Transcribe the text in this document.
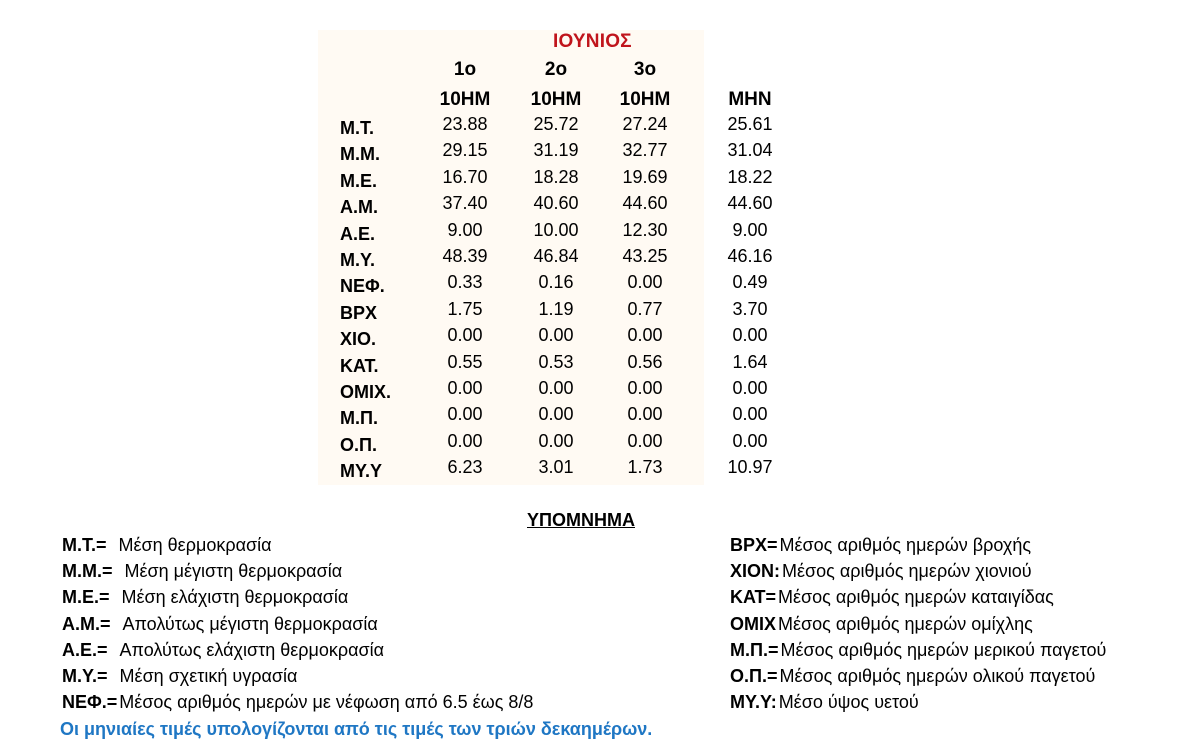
ΙΟΥΝΙΟΣ
1ο	2ο	3ο
10ΗΜ	10ΗΜ	10ΗΜ	ΜΗΝ
Μ.Τ.	23.88	25.72	27.24	25.61
Μ.Μ.	29.15	31.19	32.77	31.04
Μ.Ε.	16.70	18.28	19.69	18.22
Α.Μ.	37.40	40.60	44.60	44.60
Α.Ε.	9.00	10.00	12.30	9.00
Μ.Υ.	48.39	46.84	43.25	46.16
ΝΕΦ.	0.33	0.16	0.00	0.49
ΒΡΧ	1.75	1.19	0.77	3.70
ΧΙΟ.	0.00	0.00	0.00	0.00
ΚΑΤ.	0.55	0.53	0.56	1.64
ΟΜΙΧ.	0.00	0.00	0.00	0.00
Μ.Π.	0.00	0.00	0.00	0.00
Ο.Π.	0.00	0.00	0.00	0.00
ΜΥ.Υ	6.23	3.01	1.73	10.97
ΥΠΟΜΝΗΜΑ
Μ.Τ.= Μέση θερμοκρασία
Μ.Μ.= Μέση μέγιστη θερμοκρασία
Μ.Ε.= Μέση ελάχιστη θερμοκρασία
Α.Μ.= Απολύτως μέγιστη θερμοκρασία
Α.Ε.= Απολύτως ελάχιστη θερμοκρασία
Μ.Υ.= Μέση σχετική υγρασία
ΝΕΦ.= Μέσος αριθμός ημερών με νέφωση από 6.5 έως 8/8
ΒΡΧ= Μέσος αριθμός ημερών βροχής
ΧΙΟΝ: Μέσος αριθμός ημερών χιονιού
ΚΑΤ= Μέσος αριθμός ημερών καταιγίδας
ΟΜΙΧ Μέσος αριθμός ημερών ομίχλης
Μ.Π.= Μέσος αριθμός ημερών μερικού παγετού
Ο.Π.= Μέσος αριθμός ημερών ολικού παγετού
ΜΥ.Υ: Μέσο ύψος υετού
Οι μηνιαίες τιμές υπολογίζονται από τις τιμές των τριών δεκαημέρων.
